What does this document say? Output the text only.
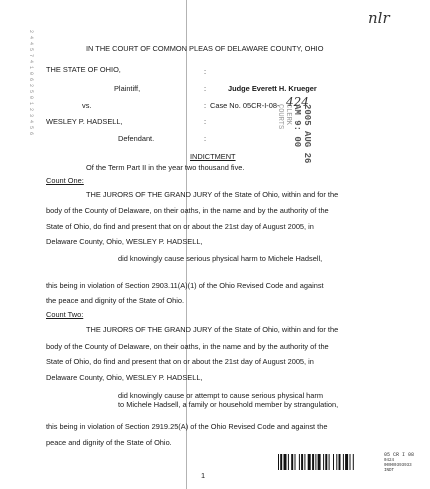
nlr
2 4 4 5 7 4 1 0 6 2 5
0 1 2 3 4 5 6
IN THE COURT OF COMMON PLEAS OF DELAWARE COUNTY, OHIO
THE STATE OF OHIO,
Plaintiff,
vs.
WESLEY P. HADSELL,
Defendant.
:
:
:
:
:
Judge Everett H. Krueger
Case No. 05CR-I-08- 424
2005 AUG 26
AM 9: 00
CLERK
COURTS
INDICTMENT
Of the Term Part II in the year two thousand five.
Count One:
THE JURORS OF THE GRAND JURY of the State of Ohio, within and for the
body of the County of Delaware, on their oaths, in the name and by the authority of the
State of Ohio, do find and present that on or about the 21st day of August 2005, in
Delaware County, Ohio, WESLEY P. HADSELL,
did knowingly cause serious physical harm to Michele Hadsell,
this being in violation of Section 2903.11(A)(1) of the Ohio Revised Code and against
the peace and dignity of the State of Ohio.
Count Two:
THE JURORS OF THE GRAND JURY of the State of Ohio, within and for the
body of the County of Delaware, on their oaths, in the name and by the authority of the
State of Ohio, do find and present that on or about the 21st day of August 2005, in
Delaware County, Ohio, WESLEY P. HADSELL,
did knowingly cause or attempt to cause serious physical harm
to Michele Hadsell, a family or household member by strangulation,
this being in violation of Section 2919.25(A) of the Ohio Revised Code and against the
peace and dignity of the State of Ohio.
05 CR I 08
0424
00000393933
INDT
1
